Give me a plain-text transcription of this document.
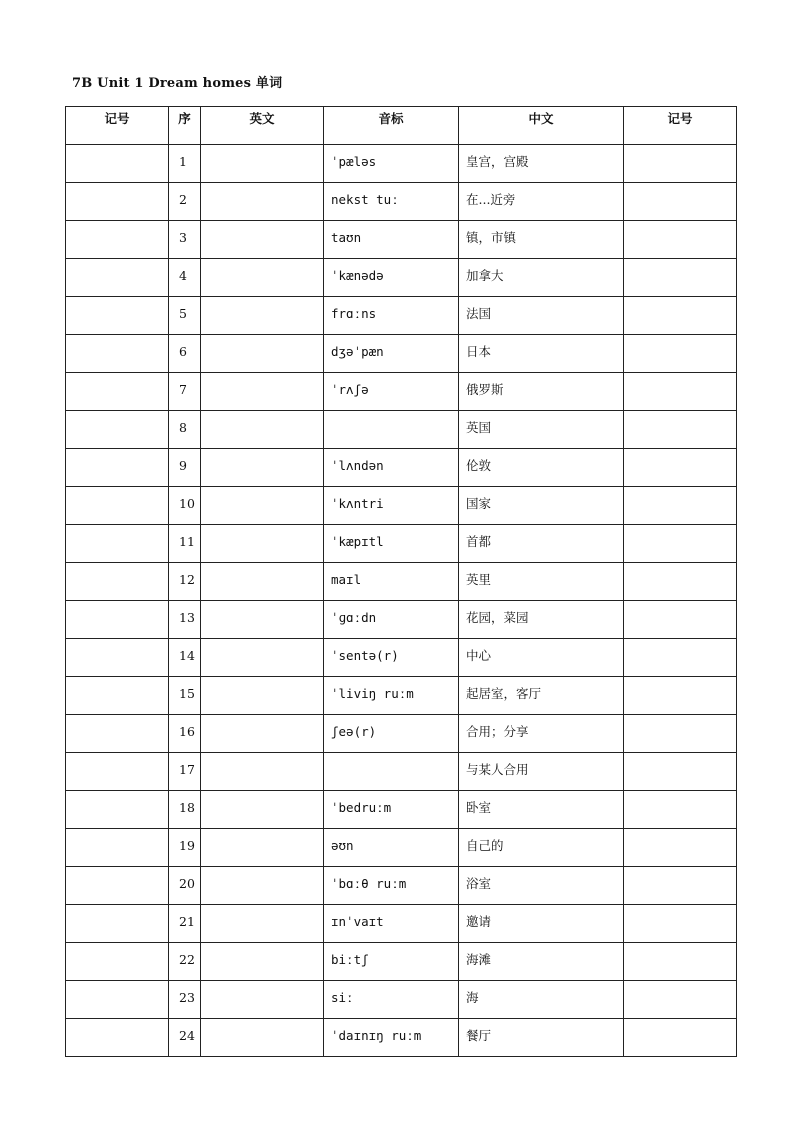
7B Unit 1 Dream homes 单词
记号	序	英文	音标	中文	记号
	1		ˈpæləs	皇宫，宫殿	
	2		nekst tuː	在...近旁	
	3		taʊn	镇，市镇	
	4		ˈkænədə	加拿大	
	5		frɑːns	法国	
	6		dʒəˈpæn	日本	
	7		ˈrʌʃə	俄罗斯	
	8			英国	
	9		ˈlʌndən	伦敦	
	10		ˈkʌntri	国家	
	11		ˈkæpɪtl	首都	
	12		maɪl	英里	
	13		ˈɡɑːdn	花园，菜园	
	14		ˈsentə(r)	中心	
	15		ˈliviŋ ruːm	起居室，客厅	
	16		ʃeə(r)	合用；分享	
	17			与某人合用	
	18		ˈbedruːm	卧室	
	19		əʊn	自己的	
	20		ˈbɑːθ ruːm	浴室	
	21		ɪnˈvaɪt	邀请	
	22		biːtʃ	海滩	
	23		siː	海	
	24		ˈdaɪnɪŋ ruːm	餐厅	
